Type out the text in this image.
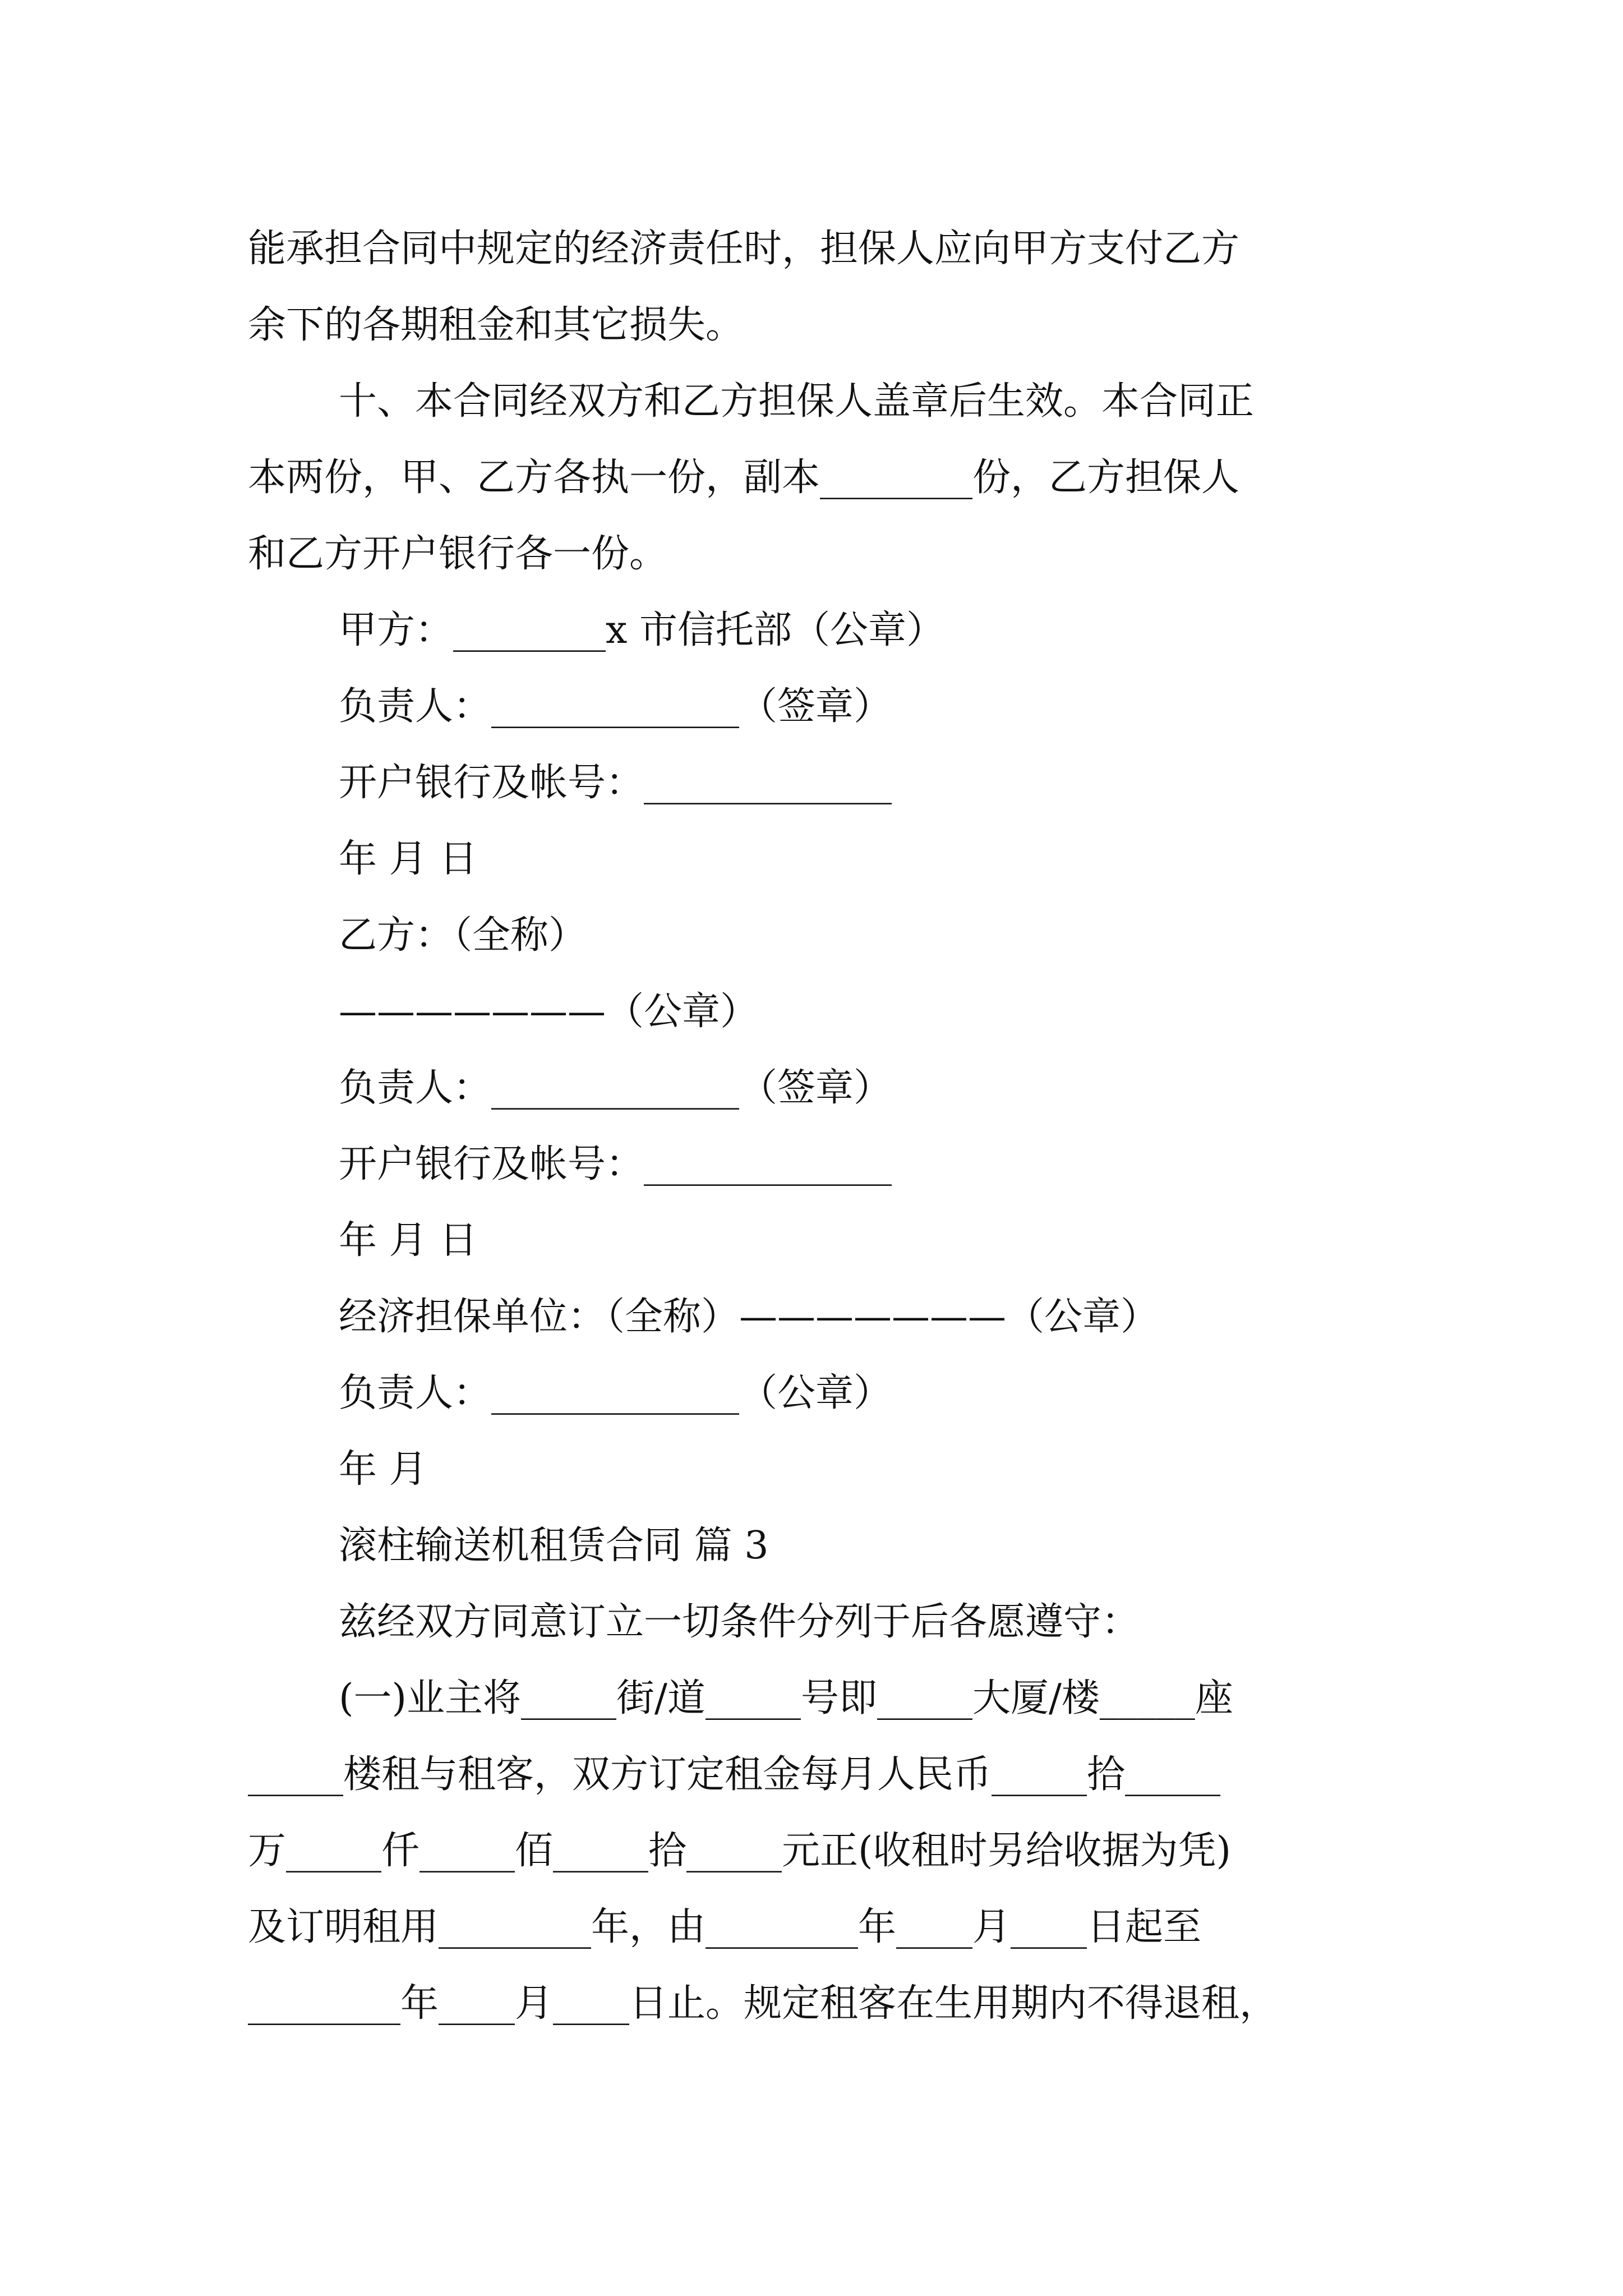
能承担合同中规定的经济责任时，担保人应向甲方支付乙方
余下的各期租金和其它损失。
十、本合同经双方和乙方担保人盖章后生效。本合同正
本两份，甲、乙方各执一份，副本________份，乙方担保人
和乙方开户银行各一份。
甲方：________x 市信托部（公章）
负责人：_____________（签章）
开户银行及帐号：_____________
年 月 日
乙方：（全称）
———————（公章）
负责人：_____________（签章）
开户银行及帐号：_____________
年 月 日
经济担保单位：（全称）———————（公章）
负责人：_____________（公章）
年 月
滚柱输送机租赁合同 篇 3
兹经双方同意订立一切条件分列于后各愿遵守：
(一)业主将_____街/道_____号即_____大厦/楼_____座
_____楼租与租客，双方订定租金每月人民币_____拾_____
万_____仟_____佰_____拾_____元正(收租时另给收据为凭)
及订明租用________年，由________年____月____日起至
________年____月____日止。规定租客在生用期内不得退租，
